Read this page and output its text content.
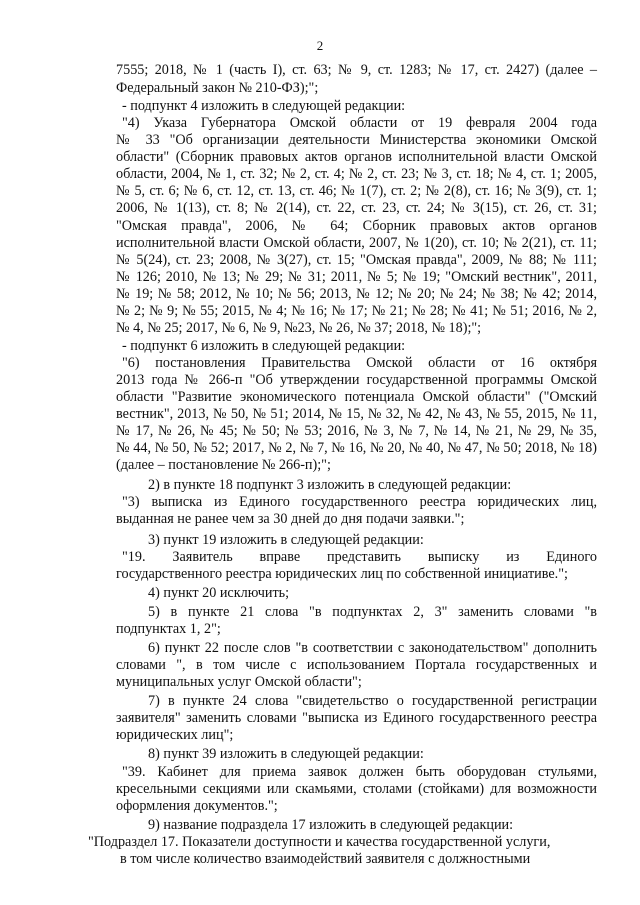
2
7555; 2018, № 1 (часть I), ст. 63; № 9, ст. 1283; № 17, ст. 2427) (далее –
Федеральный закон № 210-ФЗ);";
- подпункт 4 изложить в следующей редакции:
"4) Указа Губернатора Омской области от 19 февраля 2004 года
№ 33 "Об организации деятельности Министерства экономики Омской
области" (Сборник правовых актов органов исполнительной власти Омской
области, 2004, № 1, ст. 32; № 2, ст. 4; № 2, ст. 23; № 3, ст. 18; № 4, ст. 1; 2005,
№ 5, ст. 6; № 6, ст. 12, ст. 13, ст. 46; № 1(7), ст. 2; № 2(8), ст. 16; № 3(9), ст. 1;
2006, № 1(13), ст. 8; № 2(14), ст. 22, ст. 23, ст. 24; № 3(15), ст. 26, ст. 31;
"Омская правда", 2006, № 64; Сборник правовых актов органов
исполнительной власти Омской области, 2007, № 1(20), ст. 10; № 2(21), ст. 11;
№ 5(24), ст. 23; 2008, № 3(27), ст. 15; "Омская правда", 2009, № 88; № 111;
№ 126; 2010, № 13; № 29; № 31; 2011, № 5; № 19; "Омский вестник", 2011,
№ 19; № 58; 2012, № 10; № 56; 2013, № 12; № 20; № 24; № 38; № 42; 2014,
№ 2; № 9; № 55; 2015, № 4; № 16; № 17; № 21; № 28; № 41; № 51; 2016, № 2,
№ 4, № 25; 2017, № 6, № 9, №23, № 26, № 37; 2018, № 18);";
- подпункт 6 изложить в следующей редакции:
"6) постановления Правительства Омской области от 16 октября
2013 года № 266-п "Об утверждении государственной программы Омской
области "Развитие экономического потенциала Омской области" ("Омский
вестник", 2013, № 50, № 51; 2014, № 15, № 32, № 42, № 43, № 55, 2015, № 11,
№ 17, № 26, № 45; № 50; № 53; 2016, № 3, № 7, № 14, № 21, № 29, № 35,
№ 44, № 50, № 52; 2017, № 2, № 7, № 16, № 20, № 40, № 47, № 50; 2018, № 18)
(далее – постановление № 266-п);";
2) в пункте 18 подпункт 3 изложить в следующей редакции:
"3) выписка из Единого государственного реестра юридических лиц,
выданная не ранее чем за 30 дней до дня подачи заявки.";
3) пункт 19 изложить в следующей редакции:
"19. Заявитель вправе представить выписку из Единого
государственного реестра юридических лиц по собственной инициативе.";
4) пункт 20 исключить;
5) в пункте 21 слова "в подпунктах 2, 3" заменить словами "в
подпунктах 1, 2";
6) пункт 22 после слов "в соответствии с законодательством" дополнить
словами ", в том числе с использованием Портала государственных и
муниципальных услуг Омской области";
7) в пункте 24 слова "свидетельство о государственной регистрации
заявителя" заменить словами "выписка из Единого государственного реестра
юридических лиц";
8) пункт 39 изложить в следующей редакции:
"39. Кабинет для приема заявок должен быть оборудован стульями,
кресельными секциями или скамьями, столами (стойками) для возможности
оформления документов.";
9) название подраздела 17 изложить в следующей редакции:
"Подраздел 17. Показатели доступности и качества государственной услуги,
в том числе количество взаимодействий заявителя с должностными
